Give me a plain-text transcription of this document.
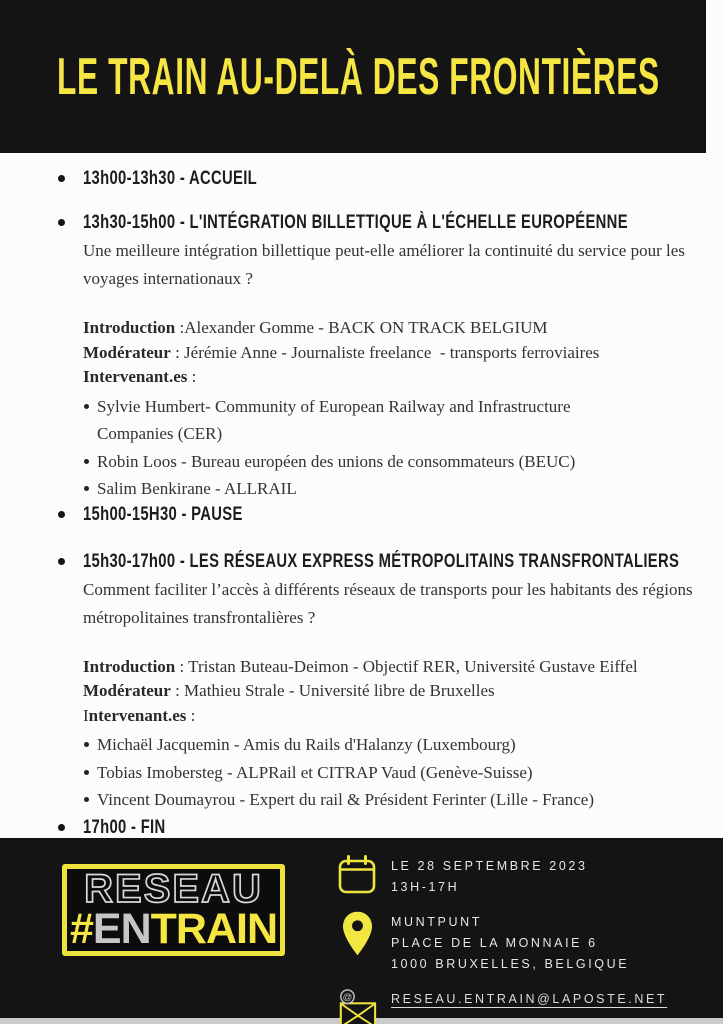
LE TRAIN AU-DELÀ DES FRONTIÈRES
13h00-13h30 - ACCUEIL
13h30-15h00 - L'INTÉGRATION BILLETTIQUE À L'ÉCHELLE EUROPÉENNE

Une meilleure intégration billettique peut-elle améliorer la continuité du service pour les voyages internationaux ?

Introduction :Alexander Gomme - BACK ON TRACK BELGIUM
Modérateur : Jérémie Anne - Journaliste freelance  - transports ferroviaires
Intervenant.es :
Sylvie Humbert- Community of European Railway and Infrastructure Companies (CER)
Robin Loos - Bureau européen des unions de consommateurs (BEUC)
Salim Benkirane - ALLRAIL
15h00-15H30 - PAUSE
15h30-17h00 - LES RÉSEAUX EXPRESS MÉTROPOLITAINS TRANSFRONTALIERS

Comment faciliter l’accès à différents réseaux de transports pour les habitants des régions métropolitaines transfrontalières ?

Introduction : Tristan Buteau-Deimon - Objectif RER, Université Gustave Eiffel
Modérateur : Mathieu Strale - Université libre de Bruxelles
Intervenant.es :
Michaël Jacquemin - Amis du Rails d'Halanzy (Luxembourg)
Tobias Imobersteg - ALPRail et CITRAP Vaud (Genève-Suisse)
Vincent Doumayrou - Expert du rail & Président Ferinter (Lille - France)
17h00 - FIN
RESEAU
#ENTRAIN
LE 28 SEPTEMBRE 2023
13H-17H
MUNTPUNT
PLACE DE LA MONNAIE 6
1000 BRUXELLES, BELGIQUE
@	RESEAU.ENTRAIN@LAPOSTE.NET
